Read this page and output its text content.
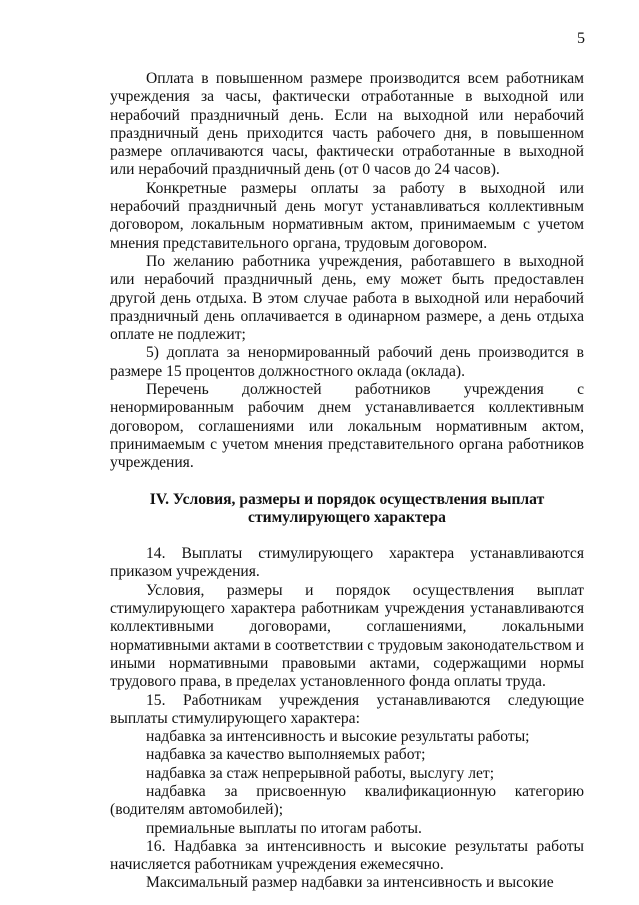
5

Оплата в повышенном размере производится всем работникам учреждения за часы, фактически отработанные в выходной или нерабочий праздничный день. Если на выходной или нерабочий праздничный день приходится часть рабочего дня, в повышенном размере оплачиваются часы, фактически отработанные в выходной или нерабочий праздничный день (от 0 часов до 24 часов).

Конкретные размеры оплаты за работу в выходной или нерабочий праздничный день могут устанавливаться коллективным договором, локальным нормативным актом, принимаемым с учетом мнения представительного органа, трудовым договором.

По желанию работника учреждения, работавшего в выходной или нерабочий праздничный день, ему может быть предоставлен другой день отдыха. В этом случае работа в выходной или нерабочий праздничный день оплачивается в одинарном размере, а день отдыха оплате не подлежит;

5) доплата за ненормированный рабочий день производится в размере 15 процентов должностного оклада (оклада).

Перечень должностей работников учреждения с ненормированным рабочим днем устанавливается коллективным договором, соглашениями или локальным нормативным актом, принимаемым с учетом мнения представительного органа работников учреждения.

IV. Условия, размеры и порядок осуществления выплат
стимулирующего характера

14. Выплаты стимулирующего характера устанавливаются приказом учреждения.

Условия, размеры и порядок осуществления выплат стимулирующего характера работникам учреждения устанавливаются коллективными договорами, соглашениями, локальными нормативными актами в соответствии с трудовым законодательством и иными нормативными правовыми актами, содержащими нормы трудового права, в пределах установленного фонда оплаты труда.

15. Работникам учреждения устанавливаются следующие выплаты стимулирующего характера:

надбавка за интенсивность и высокие результаты работы;

надбавка за качество выполняемых работ;

надбавка за стаж непрерывной работы, выслугу лет;

надбавка за присвоенную квалификационную категорию (водителям автомобилей);

премиальные выплаты по итогам работы.

16. Надбавка за интенсивность и высокие результаты работы начисляется работникам учреждения ежемесячно.

Максимальный размер надбавки за интенсивность и высокие
